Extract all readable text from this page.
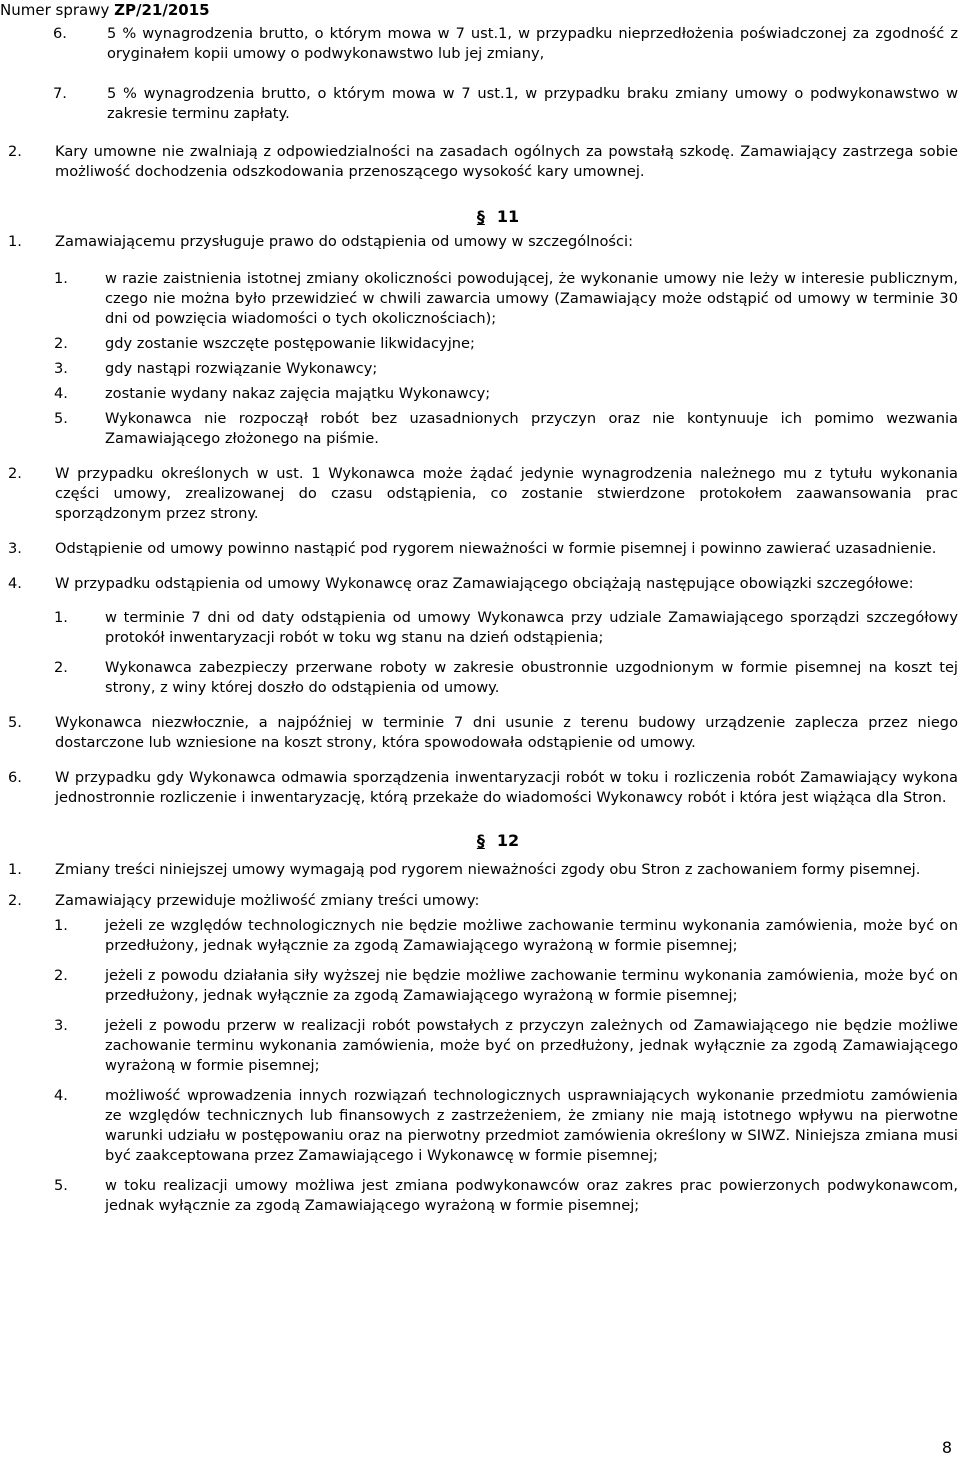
Numer sprawy ZP/21/2015
6.	5 % wynagrodzenia brutto, o którym mowa w 7 ust.1, w przypadku nieprzedłożenia poświadczonej za zgodność z oryginałem kopii umowy o podwykonawstwo lub jej zmiany,
7.	5 % wynagrodzenia brutto, o którym mowa w 7 ust.1, w przypadku braku zmiany umowy o podwykonawstwo w zakresie terminu zapłaty.
2. Kary umowne nie zwalniają z odpowiedzialności na zasadach ogólnych za powstałą szkodę. Zamawiający zastrzega sobie możliwość dochodzenia odszkodowania przenoszącego wysokość kary umownej.
§ 11
1. Zamawiającemu przysługuje prawo do odstąpienia od umowy w szczególności:
1.	w razie zaistnienia istotnej zmiany okoliczności powodującej, że wykonanie umowy nie leży w interesie publicznym, czego nie można było przewidzieć w chwili zawarcia umowy (Zamawiający może odstąpić od umowy w terminie 30 dni od powzięcia wiadomości o tych okolicznościach);
2.	gdy zostanie wszczęte postępowanie likwidacyjne;
3.	gdy nastąpi rozwiązanie Wykonawcy;
4.	zostanie wydany nakaz zajęcia majątku Wykonawcy;
5.	Wykonawca nie rozpoczął robót bez uzasadnionych przyczyn oraz nie kontynuuje ich pomimo wezwania Zamawiającego złożonego na piśmie.
2. W przypadku określonych w ust. 1 Wykonawca może żądać jedynie wynagrodzenia należnego mu z tytułu wykonania części umowy, zrealizowanej do czasu odstąpienia, co zostanie stwierdzone protokołem zaawansowania prac sporządzonym przez strony.
3. Odstąpienie od umowy powinno nastąpić pod rygorem nieważności w formie pisemnej i powinno zawierać uzasadnienie.
4. W przypadku odstąpienia od umowy Wykonawcę oraz Zamawiającego obciążają następujące obowiązki szczegółowe:
1.	w terminie 7 dni od daty odstąpienia od umowy Wykonawca przy udziale Zamawiającego sporządzi szczegółowy protokół inwentaryzacji robót w toku wg stanu na dzień odstąpienia;
2.	Wykonawca zabezpieczy przerwane roboty w zakresie obustronnie uzgodnionym w formie pisemnej na koszt tej strony, z winy której doszło do odstąpienia od umowy.
5. Wykonawca niezwłocznie, a najpóźniej w terminie 7 dni usunie z terenu budowy urządzenie zaplecza przez niego dostarczone lub wzniesione na koszt strony, która spowodowała odstąpienie od umowy.
6. W przypadku gdy Wykonawca odmawia sporządzenia inwentaryzacji robót w toku i rozliczenia robót Zamawiający wykona jednostronnie rozliczenie i inwentaryzację, którą przekaże do wiadomości Wykonawcy robót i która jest wiążąca dla Stron.
§ 12
1. Zmiany treści niniejszej umowy wymagają pod rygorem nieważności zgody obu Stron z zachowaniem formy pisemnej.
2. Zamawiający przewiduje możliwość zmiany treści umowy:
1.	jeżeli ze względów technologicznych nie będzie możliwe zachowanie terminu wykonania zamówienia, może być on przedłużony, jednak wyłącznie za zgodą Zamawiającego wyrażoną w formie pisemnej;
2.	jeżeli z powodu działania siły wyższej nie będzie możliwe zachowanie terminu wykonania zamówienia, może być on przedłużony, jednak wyłącznie za zgodą Zamawiającego wyrażoną w formie pisemnej;
3.	jeżeli z powodu przerw w realizacji robót powstałych z przyczyn zależnych od Zamawiającego nie będzie możliwe zachowanie terminu wykonania zamówienia, może być on przedłużony, jednak wyłącznie za zgodą Zamawiającego wyrażoną w formie pisemnej;
4.	możliwość wprowadzenia innych rozwiązań technologicznych usprawniających wykonanie przedmiotu zamówienia ze względów technicznych lub finansowych z zastrzeżeniem, że zmiany nie mają istotnego wpływu na pierwotne warunki udziału w postępowaniu oraz na pierwotny przedmiot zamówienia określony w SIWZ. Niniejsza zmiana musi być zaakceptowana przez Zamawiającego i Wykonawcę w formie pisemnej;
5.	w toku realizacji umowy możliwa jest zmiana podwykonawców oraz zakres prac powierzonych podwykonawcom, jednak wyłącznie za zgodą Zamawiającego wyrażoną w formie pisemnej;
8
